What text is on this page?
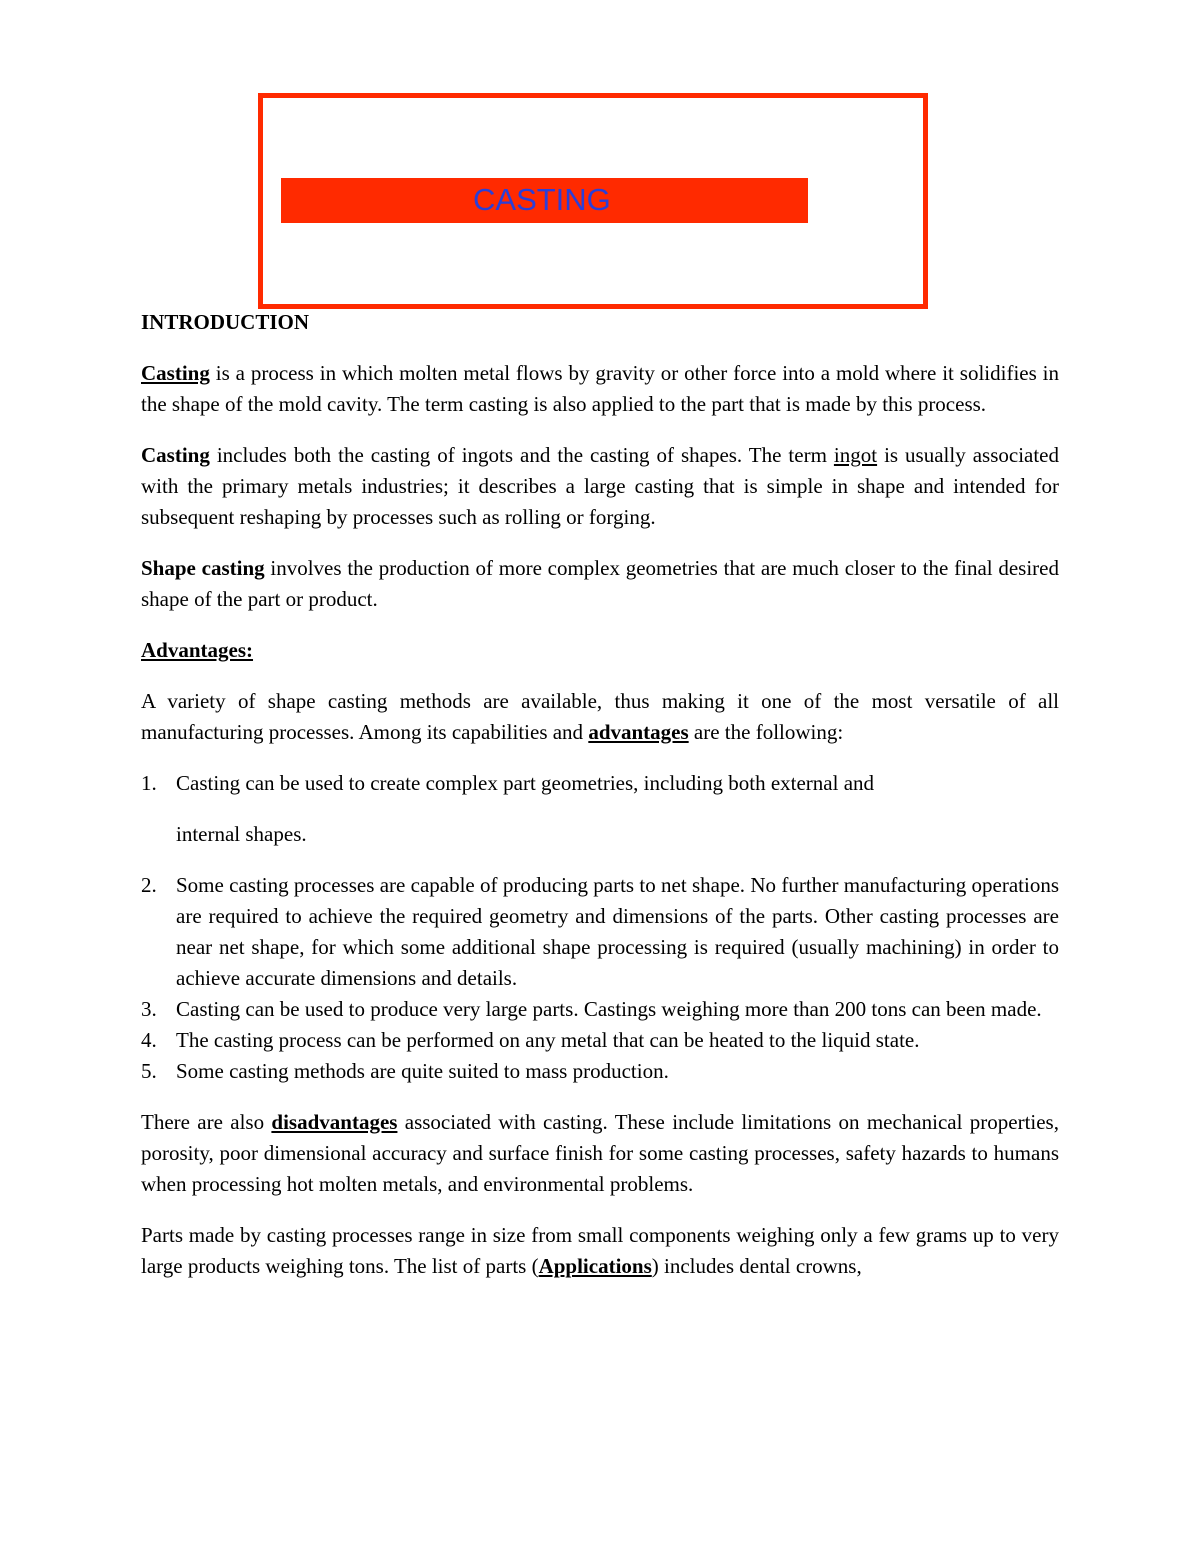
CASTING

INTRODUCTION

Casting is a process in which molten metal flows by gravity or other force into a mold where it solidifies in the shape of the mold cavity. The term casting is also applied to the part that is made by this process.

Casting includes both the casting of ingots and the casting of shapes. The term ingot is usually associated with the primary metals industries; it describes a large casting that is simple in shape and intended for subsequent reshaping by processes such as rolling or forging.

Shape casting involves the production of more complex geometries that are much closer to the final desired shape of the part or product.

Advantages:

A variety of shape casting methods are available, thus making it one of the most versatile of all manufacturing processes. Among its capabilities and advantages are the following:

1. Casting can be used to create complex part geometries, including both external and
internal shapes.
2. Some casting processes are capable of producing parts to net shape. No further manufacturing operations are required to achieve the required geometry and dimensions of the parts. Other casting processes are near net shape, for which some additional shape processing is required (usually machining) in order to achieve accurate dimensions and details.
3. Casting can be used to produce very large parts. Castings weighing more than 200 tons can been made.
4. The casting process can be performed on any metal that can be heated to the liquid state.
5. Some casting methods are quite suited to mass production.

There are also disadvantages associated with casting. These include limitations on mechanical properties, porosity, poor dimensional accuracy and surface finish for some casting processes, safety hazards to humans when processing hot molten metals, and environmental problems.

Parts made by casting processes range in size from small components weighing only a few grams up to very large products weighing tons. The list of parts (Applications) includes dental crowns,
